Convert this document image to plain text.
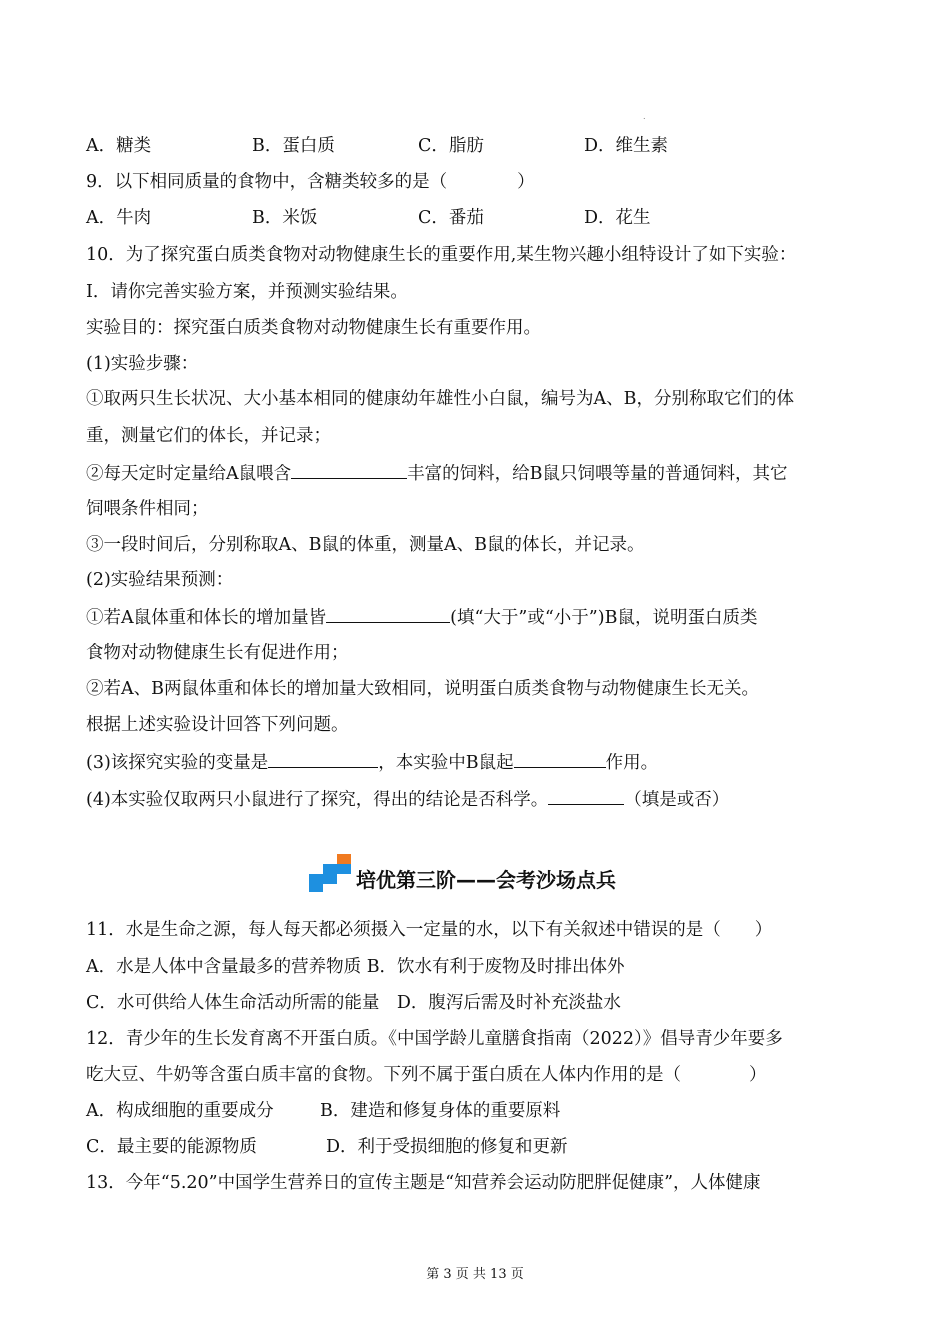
.
A．糖类	B．蛋白质	C．脂肪	D．维生素
9．以下相同质量的食物中，含糖类较多的是（	）
A．牛肉	B．米饭	C．番茄	D．花生
10．为了探究蛋白质类食物对动物健康生长的重要作用,某生物兴趣小组特设计了如下实验：
Ⅰ．请你完善实验方案，并预测实验结果。
实验目的：探究蛋白质类食物对动物健康生长有重要作用。
(1)实验步骤：
①取两只生长状况、大小基本相同的健康幼年雄性小白鼠，编号为A、B，分别称取它们的体
重，测量它们的体长，并记录；
②每天定时定量给A鼠喂含	丰富的饲料，给B鼠只饲喂等量的普通饲料，其它
饲喂条件相同；
③一段时间后，分别称取A、B鼠的体重，测量A、B鼠的体长，并记录。
(2)实验结果预测：
①若A鼠体重和体长的增加量皆	(填“大于”或“小于”)B鼠，说明蛋白质类
食物对动物健康生长有促进作用；
②若A、B两鼠体重和体长的增加量大致相同，说明蛋白质类食物与动物健康生长无关。
根据上述实验设计回答下列问题。
(3)该探究实验的变量是	，本实验中B鼠起	作用。
(4)本实验仅取两只小鼠进行了探究，得出的结论是否科学。	（填是或否）
培优第三阶——会考沙场点兵
11．水是生命之源，每人每天都必须摄入一定量的水，以下有关叙述中错误的是（ ）
A．水是人体中含量最多的营养物质 B．饮水有利于废物及时排出体外
C．水可供给人体生命活动所需的能量　D．腹泻后需及时补充淡盐水
12．青少年的生长发育离不开蛋白质。《中国学龄儿童膳食指南（2022）》倡导青少年要多
吃大豆、牛奶等含蛋白质丰富的食物。下列不属于蛋白质在人体内作用的是（	）
A．构成细胞的重要成分	B．建造和修复身体的重要原料
C．最主要的能源物质	D．利于受损细胞的修复和更新
13．今年“5.20”中国学生营养日的宣传主题是“知营养会运动防肥胖促健康”，人体健康
第 3 页 共 13 页
